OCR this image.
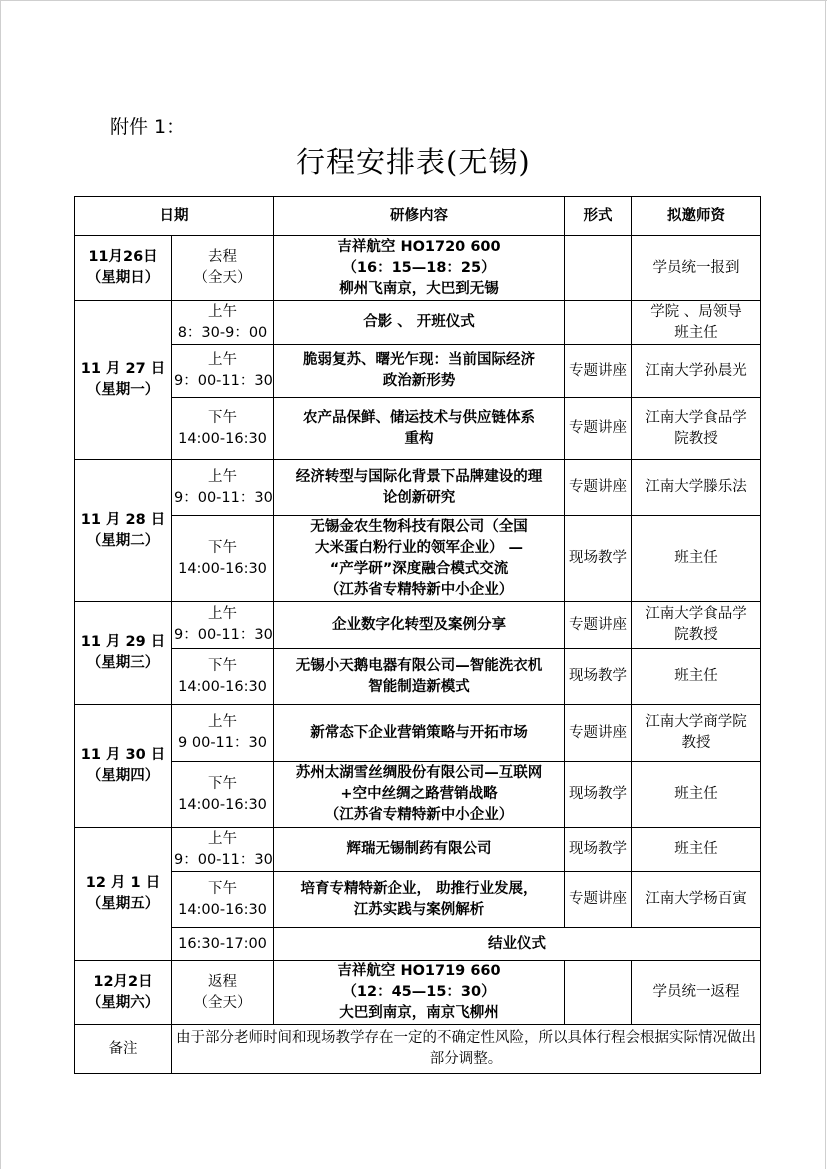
附件 1：
行程安排表(无锡)
日期		研修内容	形式	拟邀师资

11月26日
（星期日）	去程
（全天）	吉祥航空 HO1720 600
（16：15—18：25）
柳州飞南京，大巴到无锡		学员统一报到

11 月 27 日
（星期一）	上午
8：30-9：00	合影 、 开班仪式		学院 、局领导
班主任

	上午
9：00-11：30	脆弱复苏、曙光乍现：当前国际经济
政治新形势	专题讲座	江南大学孙晨光

	下午
14:00-16:30	农产品保鲜、储运技术与供应链体系
重构	专题讲座	江南大学食品学
院教授

11 月 28 日
（星期二）	上午
9：00-11：30	经济转型与国际化背景下品牌建设的理
论创新研究	专题讲座	江南大学滕乐法

	下午
14:00-16:30	无锡金农生物科技有限公司（全国
大米蛋白粉行业的领军企业） —
“产学研”深度融合模式交流
（江苏省专精特新中小企业）	现场教学	班主任

11 月 29 日
（星期三）	上午
9：00-11：30	企业数字化转型及案例分享	专题讲座	江南大学食品学
院教授

	下午
14:00-16:30	无锡小天鹅电器有限公司—智能洗衣机
智能制造新模式	现场教学	班主任

11 月 30 日
（星期四）	上午
9 00-11：30	新常态下企业营销策略与开拓市场	专题讲座	江南大学商学院
教授

	下午
14:00-16:30	苏州太湖雪丝绸股份有限公司—互联网
+空中丝绸之路营销战略
（江苏省专精特新中小企业）	现场教学	班主任

12 月 1 日
（星期五）	上午
9：00-11：30	辉瑞无锡制药有限公司	现场教学	班主任

	下午
14:00-16:30	培育专精特新企业， 助推行业发展，
江苏实践与案例解析	专题讲座	江南大学杨百寅

	16:30-17:00	结业仪式		

12月2日
（星期六）	返程
（全天）	吉祥航空 HO1719 660
（12：45—15：30）
大巴到南京，南京飞柳州		学员统一返程

备注	由于部分老师时间和现场教学存在一定的不确定性风险，所以具体行程会根据实际情况做出
部分调整。			
